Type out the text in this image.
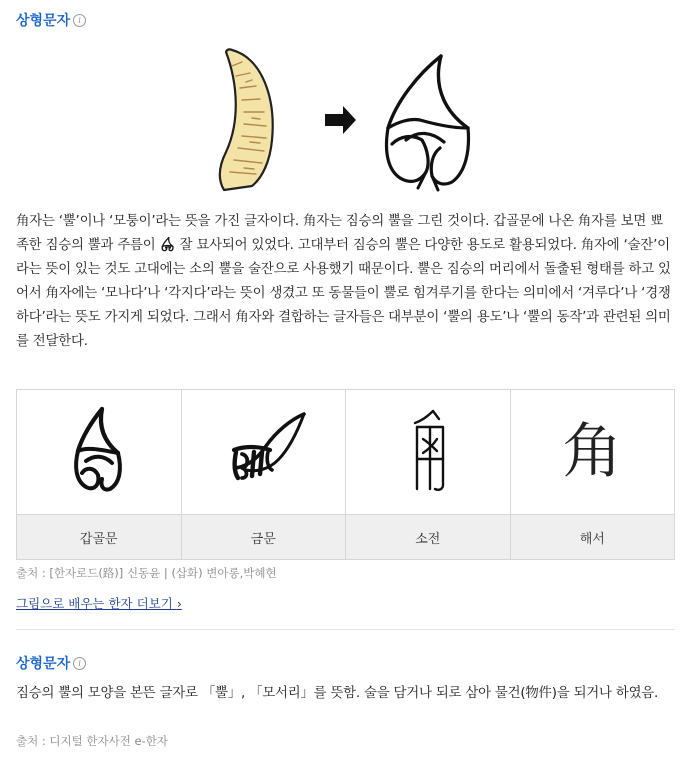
상형문자	i
角자는 ‘뿔’이나 ‘모퉁이’라는 뜻을 가진 글자이다. 角자는 짐승의 뿔을 그린 것이다. 갑골문에 나온 角자를 보면 뾰족한 짐승의 뿔과 주름이  잘 묘사되어 있었다. 고대부터 짐승의 뿔은 다양한 용도로 활용되었다. 角자에 ‘술잔’이라는 뜻이 있는 것도 고대에는 소의 뿔을 술잔으로 사용했기 때문이다. 뿔은 짐승의 머리에서 돌출된 형태를 하고 있어서 角자에는 ‘모나다’나 ‘각지다’라는 뜻이 생겼고 또 동물들이 뿔로 힘겨루기를 한다는 의미에서 ‘겨루다’나 ‘경쟁하다’라는 뜻도 가지게 되었다. 그래서 角자와 결합하는 글자들은 대부분이 ‘뿔의 용도’나 ‘뿔의 동작’과 관련된 의미를 전달한다.
			角
갑골문	금문	소전	해서
출처 : [한자로드(路)] 신동윤 | (삽화) 변아롱,박혜현
그림으로 배우는 한자 더보기 ›
상형문자	i
짐승의 뿔의 모양을 본뜬 글자로 「뿔」, 「모서리」를 뜻함. 술을 담거나 되로 삼아 물건(物件)을 되거나 하였음.
출처 : 디지털 한자사전 e-한자
